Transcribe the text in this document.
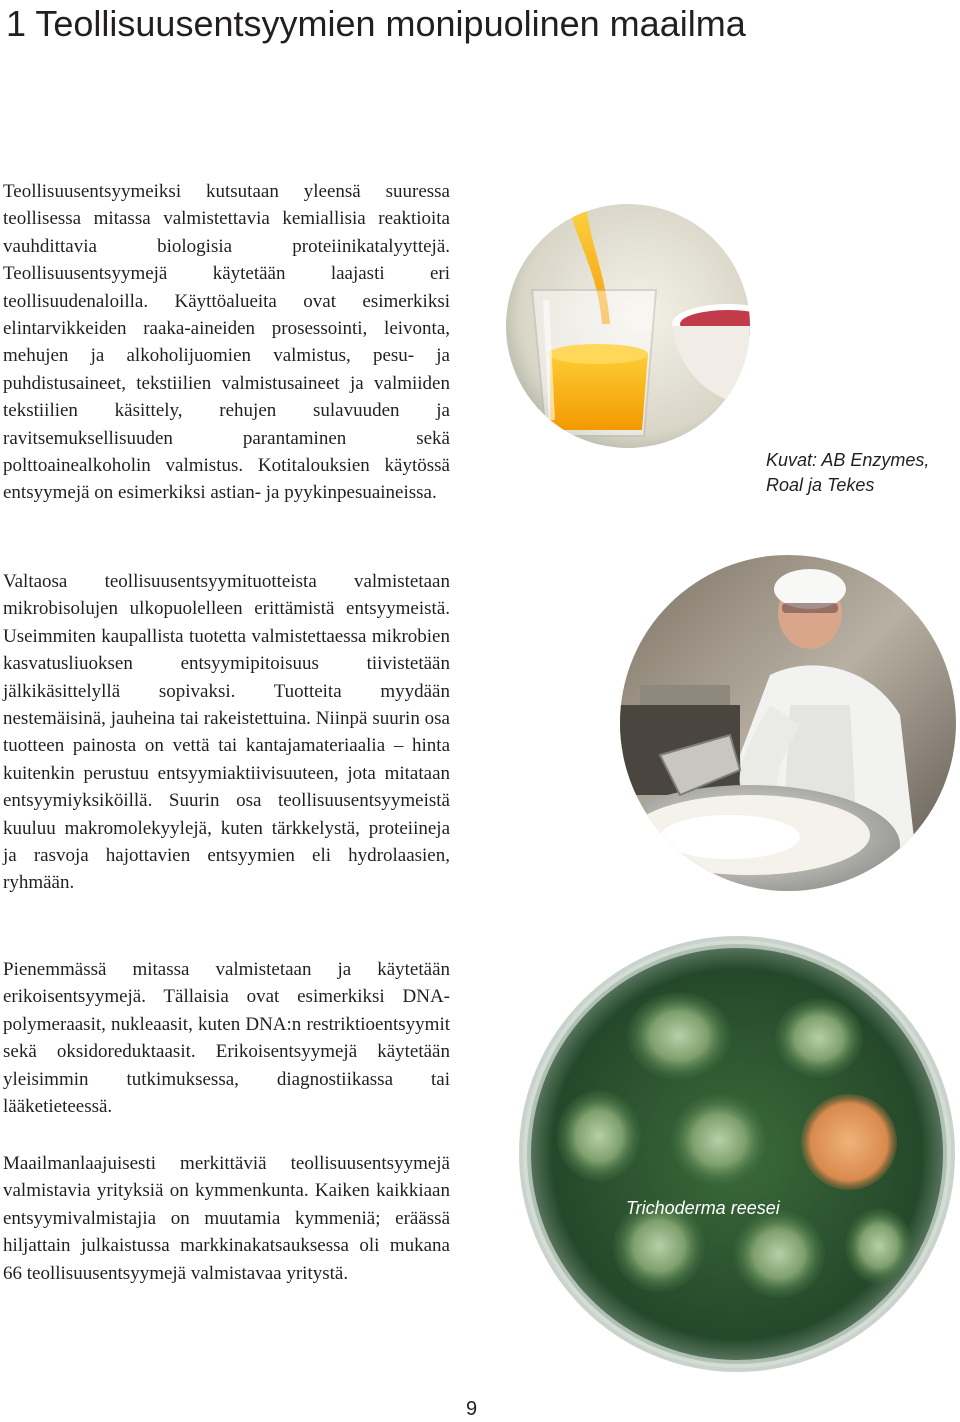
1 Teollisuusentsyymien monipuolinen maailma

Teollisuusentsyymeiksi kutsutaan yleensä suuressa teollisessa mitassa valmistettavia kemiallisia reaktioita vauhdittavia biologisia proteiinikatalyyttejä. Teollisuusentsyymejä käytetään laajasti eri teollisuudenaloilla. Käyttöalueita ovat esimerkiksi elintarvikkeiden raaka-aineiden prosessointi, leivonta, mehujen ja alkoholijuomien valmistus, pesu- ja puhdistusaineet, tekstiilien valmistusaineet ja valmiiden tekstiilien käsittely, rehujen sulavuuden ja ravitsemuksellisuuden parantaminen sekä polttoainealkoholin valmistus. Kotitalouksien käytössä entsyymejä on esimerkiksi astian- ja pyykinpesuaineissa.

Valtaosa teollisuusentsyymituotteista valmistetaan mikrobisolujen ulkopuolelleen erittämistä entsyymeistä. Useimmiten kaupallista tuotetta valmistettaessa mikrobien kasvatusliuoksen entsyymipitoisuus tiivistetään jälkikäsittelyllä sopivaksi. Tuotteita myydään nestemäisinä, jauheina tai rakeistettuina. Niinpä suurin osa tuotteen painosta on vettä tai kantajamateriaalia – hinta kuitenkin perustuu entsyymiaktiivisuuteen, jota mitataan entsyymiyksiköillä. Suurin osa teollisuusentsyymeistä kuuluu makromolekyylejä, kuten tärkkelystä, proteiineja ja rasvoja hajottavien entsyymien eli hydrolaasien, ryhmään.

Pienemmässä mitassa valmistetaan ja käytetään erikoisentsyymejä. Tällaisia ovat esimerkiksi DNA-polymeraasit, nukleaasit, kuten DNA:n restriktioentsyymit sekä oksidoreduktaasit. Erikoisentsyymejä käytetään yleisimmin tutkimuksessa, diagnostiikassa tai lääketieteessä.

Maailmanlaajuisesti merkittäviä teollisuusentsyymejä valmistavia yrityksiä on kymmenkunta. Kaiken kaikkiaan entsyymivalmistajia on muutamia kymmeniä; eräässä hiljattain julkaistussa markkinakatsauksessa oli mukana 66 teollisuusentsyymejä valmistavaa yritystä.

Kuvat: AB Enzymes, Roal ja Tekes
Trichoderma reesei
9
